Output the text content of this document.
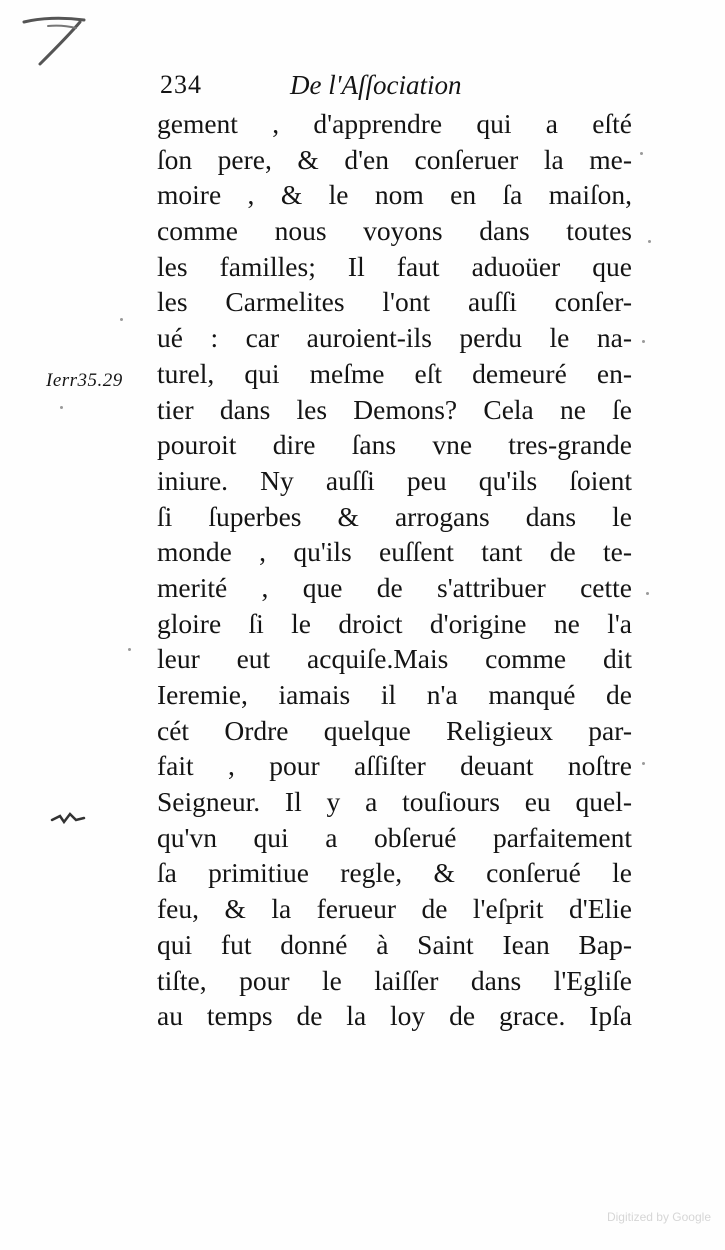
234	De l'Aſſociation
Ierr35.29
gement , d'apprendre qui a eſté
ſon pere, & d'en conſeruer la me-
moire , & le nom en ſa maiſon,
comme nous voyons dans toutes
les familles; Il faut aduoüer que
les Carmelites l'ont auſſi conſer-
ué : car auroient-ils perdu le na-
turel, qui meſme eſt demeuré en-
tier dans les Demons? Cela ne ſe
pouroit dire ſans vne tres-grande
iniure. Ny auſſi peu qu'ils ſoient
ſi ſuperbes & arrogans dans le
monde , qu'ils euſſent tant de te-
merité , que de s'attribuer cette
gloire ſi le droict d'origine ne l'a
leur eut acquiſe.Mais comme dit
Ieremie, iamais il n'a manqué de
cét Ordre quelque Religieux par-
fait , pour aſſiſter deuant noſtre
Seigneur. Il y a touſiours eu quel-
qu'vn qui a obſerué parfaitement
ſa primitiue regle, & conſerué le
feu, & la ferueur de l'eſprit d'Elie
qui fut donné à Saint Iean Bap-
tiſte, pour le laiſſer dans l'Egliſe
au temps de la loy de grace. Ipſa
Digitized by Google
